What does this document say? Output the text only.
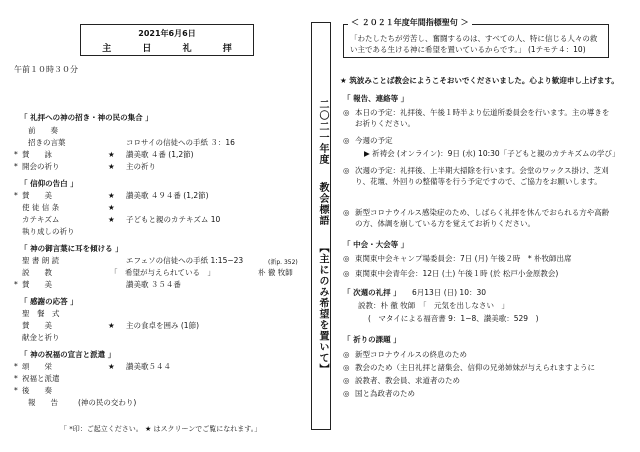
2021年6月6日
主 日 礼 拝
午前１０時３０分
「 礼拝への神の招き・神の民の集合 」
前　　奏
招きの言葉	コロサイの信徒への手紙 ３：16
* 賛　　詠	★ 讃美歌 ４番 (1,2節)
* 開会の祈り	★ 主の祈り
「 信仰の告白 」
* 賛　　美	★ 讃美歌 ４９４番 (1,2節)
使 徒 信 条	★
カテキズム	★ 子どもと親のカテキズム 10
執り成しの祈り
「 神の御言葉に耳を傾ける 」
聖 書 朗 読	エフェソの信徒への手紙 1:15−23	(新p. 352)
説　　教	「　希望が与えられている　」	朴 徹 牧師
* 賛　　美	讃美歌 ３５４番
「 感謝の応答 」
聖　餐　式
賛　　美	★ 主の食卓を囲み (1節)
献金と祈り
「 神の祝福の宣言と派遣 」
* 頌　　栄	★ 讃美歌５４４
* 祝福と派遣
* 後　　奏
報　　告	(神の民の交わり)
「 *印：ご起立ください。 ★ はスクリーンでご覧になれます。」
二〇二一年度  教会標語  【主にのみ希望を置いて】
「わたしたちが労苦し、奮闘するのは、すべての人、特に信じる人々の救い主である生ける神に希望を置いているからです。」 (1テモテ４：10)
＜ ２０２１年度年間指標聖句 ＞
★ 筑波みことば教会にようこそおいでくださいました。心より歓迎申し上げます。
「 報告、連絡等 」
◎ 本日の予定：礼拝後、午後１時半より伝道所委員会を行います。主の導きをお祈りください。
◎ 今週の予定
▶ 祈祷会 (オンライン)：9日 (水) 10:30「子どもと親のカテキズムの学び」
◎ 次週の予定：礼拝後、上半期大掃除を行います。会堂のワックス掛け、芝刈り、花壇、外回りの整備等を行う予定ですので、ご協力をお願いします。
◎ 新型コロナウイルス感染症のため、しばらく礼拝を休んでおられる方や高齢の方、体調を崩している方を覚えてお祈りください。
「 中会・大会等 」
◎ 東関東中会キャンプ場委員会：7日 (月) 午後２時　* 朴牧師出席
◎ 東関東中会青年会：12日 (土) 午後１時 (於 松戸小金原教会)
「 次週の礼拝 」 6月13日 (日) 10：30
説教：朴 徹 牧師　「　元気を出しなさい　」
(　マタイによる福音書 9：1−8、讃美歌：529　)
「 祈りの課題 」
◎ 新型コロナウイルスの終息のため
◎ 教会のため（主日礼拝と諸集会、信仰の兄弟姉妹が与えられますように
◎ 説教者、教会員、求道者のため
◎ 国と為政者のため
